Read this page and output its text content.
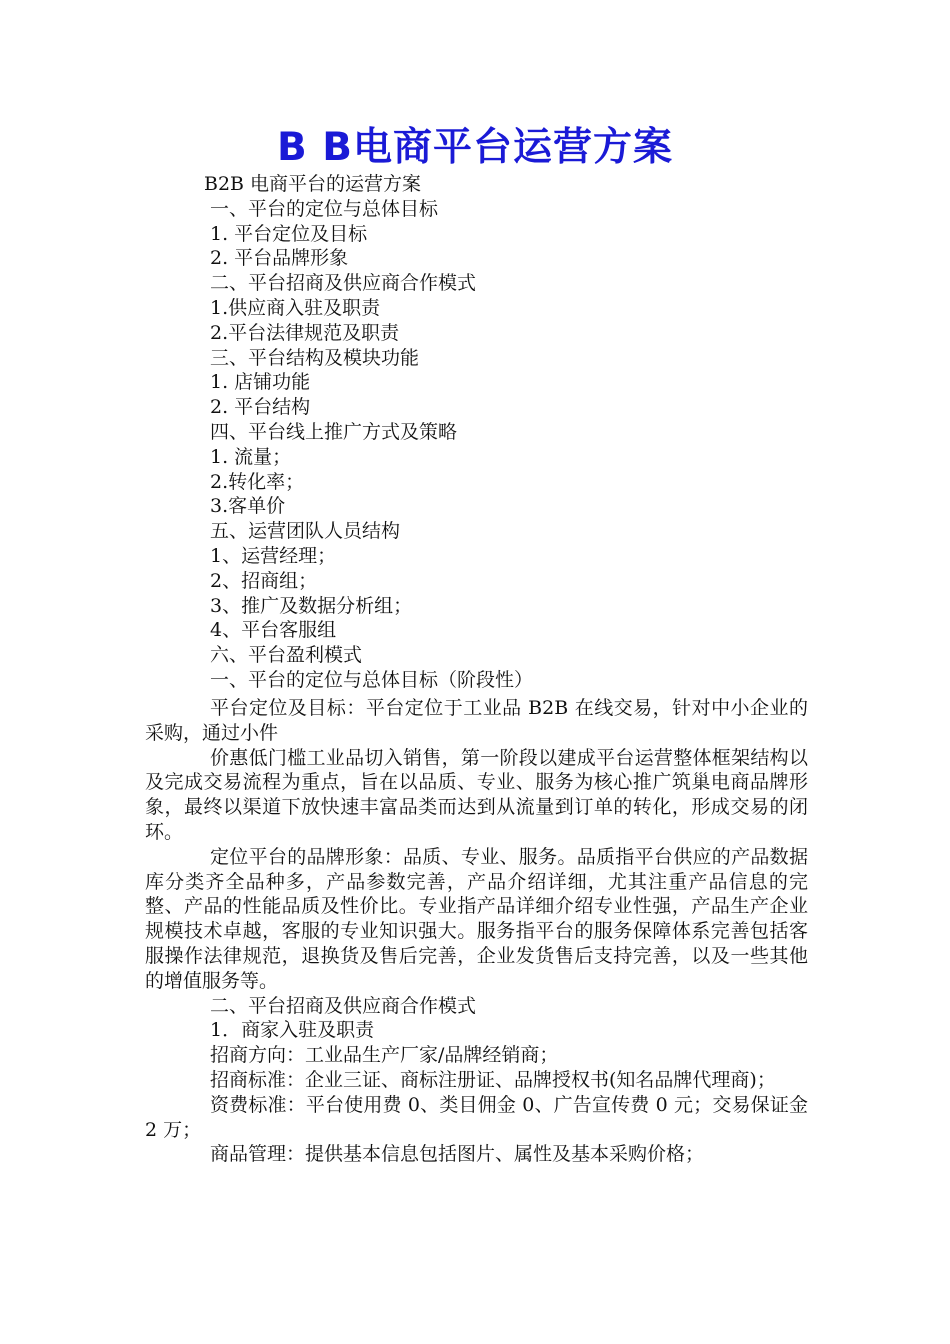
B B电商平台运营方案
B2B 电商平台的运营方案
一、平台的定位与总体目标
1. 平台定位及目标
2. 平台品牌形象
二、平台招商及供应商合作模式
1.供应商入驻及职责
2.平台法律规范及职责
三、平台结构及模块功能
1. 店铺功能
2. 平台结构
四、平台线上推广方式及策略
1. 流量；
2.转化率；
3.客单价
五、运营团队人员结构
1、运营经理；
2、招商组；
3、推广及数据分析组；
4、平台客服组
六、平台盈利模式
一、平台的定位与总体目标（阶段性）

平台定位及目标：平台定位于工业品 B2B 在线交易，针对中小企业的采购，通过小件

价惠低门槛工业品切入销售，第一阶段以建成平台运营整体框架结构以及完成交易流程为重点，旨在以品质、专业、服务为核心推广筑巢电商品牌形象，最终以渠道下放快速丰富品类而达到从流量到订单的转化，形成交易的闭环。

定位平台的品牌形象：品质、专业、服务。品质指平台供应的产品数据库分类齐全品种多，产品参数完善，产品介绍详细，尤其注重产品信息的完整、产品的性能品质及性价比。专业指产品详细介绍专业性强，产品生产企业规模技术卓越，客服的专业知识强大。服务指平台的服务保障体系完善包括客服操作法律规范，退换货及售后完善，企业发货售后支持完善，以及一些其他的增值服务等。

二、平台招商及供应商合作模式

1．商家入驻及职责

招商方向：工业品生产厂家/品牌经销商；

招商标准：企业三证、商标注册证、品牌授权书(知名品牌代理商)；

资费标准：平台使用费 0、类目佣金 0、广告宣传费 0 元；交易保证金 2 万；

商品管理：提供基本信息包括图片、属性及基本采购价格；
